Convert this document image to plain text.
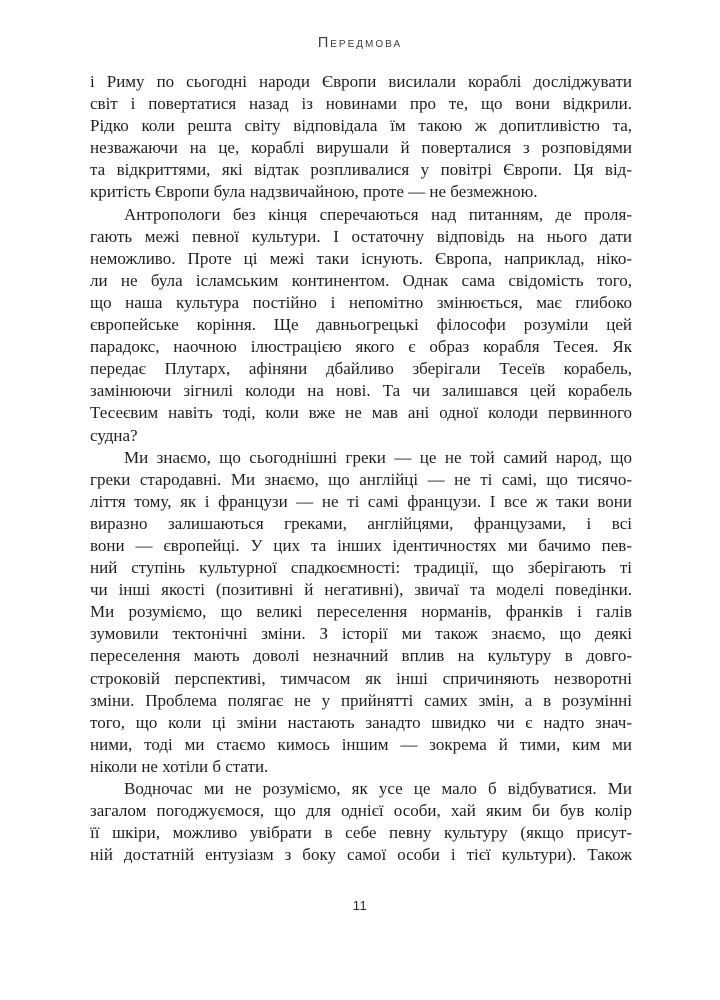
Передмова
і Риму по сьогодні народи Європи висилали кораблі досліджувати
світ і повертатися назад із новинами про те, що вони відкрили.
Рідко коли решта світу відповідала їм такою ж допитливістю та,
незважаючи на це, кораблі вирушали й поверталися з розповідями
та відкриттями, які відтак розпливалися у повітрі Європи. Ця від-
критість Європи була надзвичайною, проте — не безмежною.
Антропологи без кінця сперечаються над питанням, де проля-
гають межі певної культури. І остаточну відповідь на нього дати
неможливо. Проте ці межі таки існують. Європа, наприклад, ніко-
ли не була ісламським континентом. Однак сама свідомість того,
що наша культура постійно і непомітно змінюється, має глибоко
європейське коріння. Ще давньогрецькі філософи розуміли цей
парадокс, наочною ілюстрацією якого є образ корабля Тесея. Як
передає Плутарх, афіняни дбайливо зберігали Тесеїв корабель,
замінюючи зігнилі колоди на нові. Та чи залишався цей корабель
Тесеєвим навіть тоді, коли вже не мав ані одної колоди первинного
судна?
Ми знаємо, що сьогоднішні греки — це не той самий народ, що
греки стародавні. Ми знаємо, що англійці — не ті самі, що тисячо-
ліття тому, як і французи — не ті самі французи. І все ж таки вони
виразно залишаються греками, англійцями, французами, і всі
вони — європейці. У цих та інших ідентичностях ми бачимо пев-
ний ступінь культурної спадкоємності: традиції, що зберігають ті
чи інші якості (позитивні й негативні), звичаї та моделі поведінки.
Ми розуміємо, що великі переселення норманів, франків і галів
зумовили тектонічні зміни. З історії ми також знаємо, що деякі
переселення мають доволі незначний вплив на культуру в довго-
строковій перспективі, тимчасом як інші спричиняють незворотні
зміни. Проблема полягає не у прийнятті самих змін, а в розумінні
того, що коли ці зміни настають занадто швидко чи є надто знач-
ними, тоді ми стаємо кимось іншим — зокрема й тими, ким ми
ніколи не хотіли б стати.
Водночас ми не розуміємо, як усе це мало б відбуватися. Ми
загалом погоджуємося, що для однієї особи, хай яким би був колір
її шкіри, можливо увібрати в себе певну культуру (якщо присут-
ній достатній ентузіазм з боку самої особи і тієї культури). Також
11
